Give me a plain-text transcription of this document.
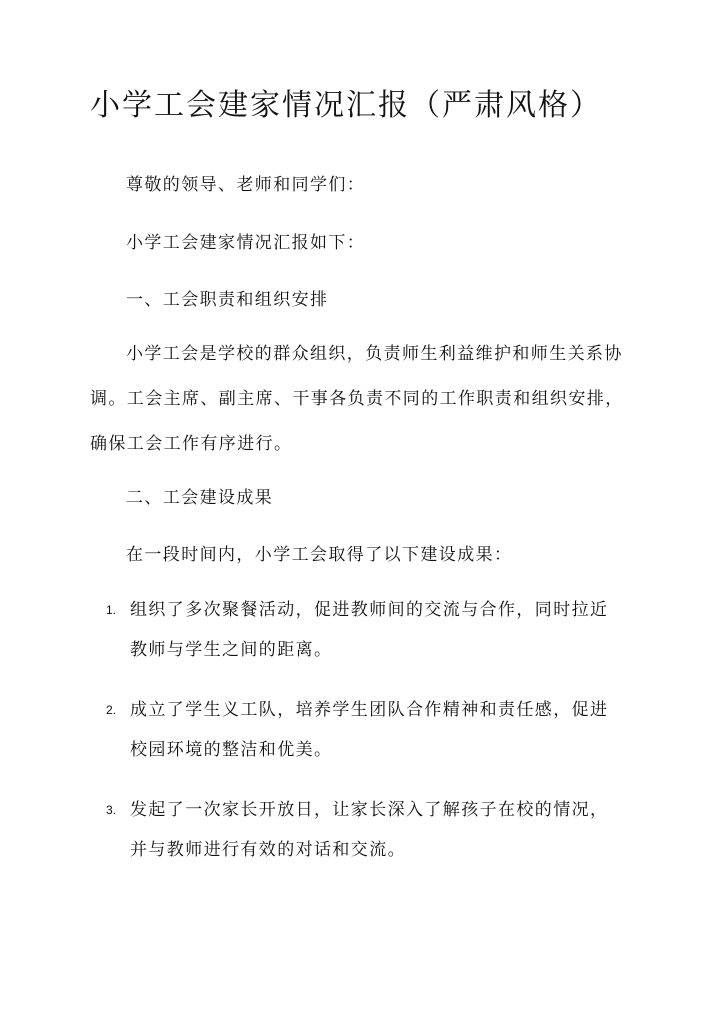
小学工会建家情况汇报（严肃风格）
尊敬的领导、老师和同学们：
小学工会建家情况汇报如下：
一、工会职责和组织安排
小学工会是学校的群众组织，负责师生利益维护和师生关系协调。工会主席、副主席、干事各负责不同的工作职责和组织安排，确保工会工作有序进行。
二、工会建设成果
在一段时间内，小学工会取得了以下建设成果：
1. 组织了多次聚餐活动，促进教师间的交流与合作，同时拉近教师与学生之间的距离。
2. 成立了学生义工队，培养学生团队合作精神和责任感，促进校园环境的整洁和优美。
3. 发起了一次家长开放日，让家长深入了解孩子在校的情况，并与教师进行有效的对话和交流。
